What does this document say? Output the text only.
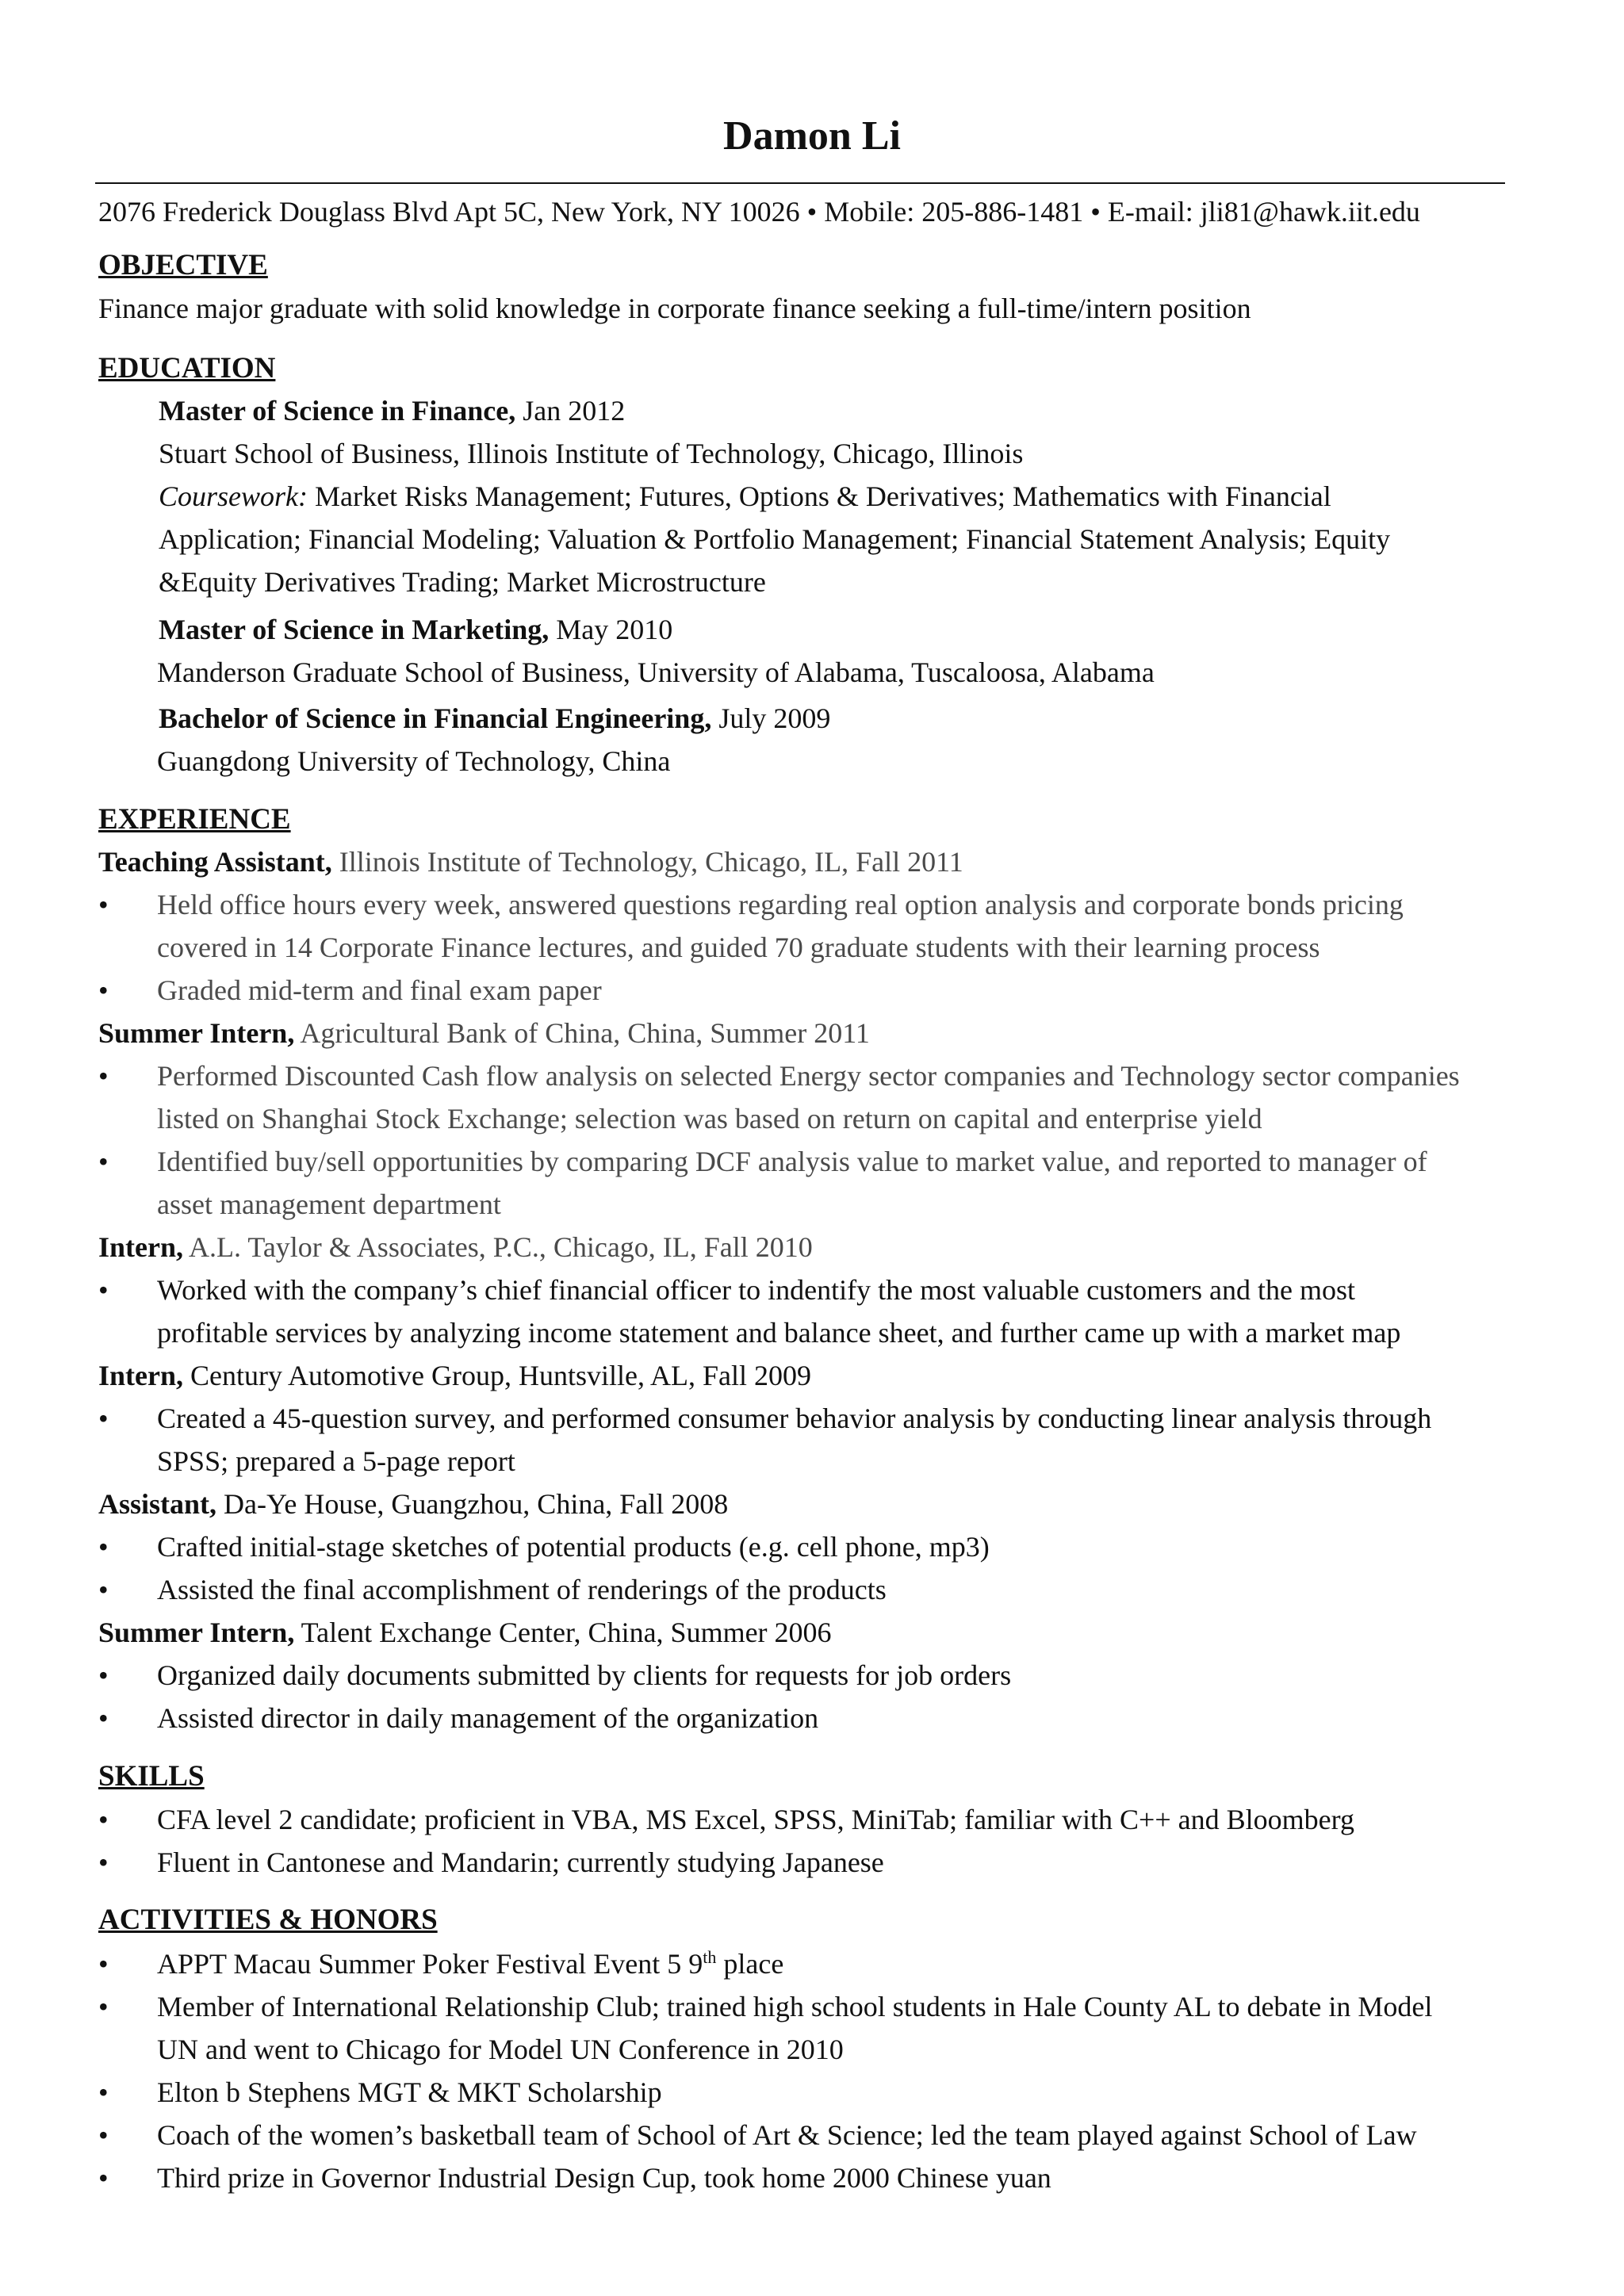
Damon Li

2076 Frederick Douglass Blvd Apt 5C, New York, NY 10026 • Mobile: 205-886-1481 • E-mail: jli81@hawk.iit.edu

OBJECTIVE

Finance major graduate with solid knowledge in corporate finance seeking a full-time/intern position

EDUCATION

Master of Science in Finance, Jan 2012

Stuart School of Business, Illinois Institute of Technology, Chicago, Illinois

Coursework: Market Risks Management; Futures, Options & Derivatives; Mathematics with Financial

Application; Financial Modeling; Valuation & Portfolio Management; Financial Statement Analysis; Equity

&Equity Derivatives Trading; Market Microstructure

Master of Science in Marketing, May 2010

Manderson Graduate School of Business, University of Alabama, Tuscaloosa, Alabama

Bachelor of Science in Financial Engineering, July 2009

Guangdong University of Technology, China

EXPERIENCE

Teaching Assistant, Illinois Institute of Technology, Chicago, IL, Fall 2011

• Held office hours every week, answered questions regarding real option analysis and corporate bonds pricing

covered in 14 Corporate Finance lectures, and guided 70 graduate students with their learning process

• Graded mid-term and final exam paper

Summer Intern, Agricultural Bank of China, China, Summer 2011

• Performed Discounted Cash flow analysis on selected Energy sector companies and Technology sector companies

listed on Shanghai Stock Exchange; selection was based on return on capital and enterprise yield

• Identified buy/sell opportunities by comparing DCF analysis value to market value, and reported to manager of

asset management department

Intern, A.L. Taylor & Associates, P.C., Chicago, IL, Fall 2010

• Worked with the company’s chief financial officer to indentify the most valuable customers and the most

profitable services by analyzing income statement and balance sheet, and further came up with a market map

Intern, Century Automotive Group, Huntsville, AL, Fall 2009

• Created a 45-question survey, and performed consumer behavior analysis by conducting linear analysis through

SPSS; prepared a 5-page report

Assistant, Da-Ye House, Guangzhou, China, Fall 2008

• Crafted initial-stage sketches of potential products (e.g. cell phone, mp3)

• Assisted the final accomplishment of renderings of the products

Summer Intern, Talent Exchange Center, China, Summer 2006

• Organized daily documents submitted by clients for requests for job orders

• Assisted director in daily management of the organization

SKILLS
• CFA level 2 candidate; proficient in VBA, MS Excel, SPSS, MiniTab; familiar with C++ and Bloomberg

• Fluent in Cantonese and Mandarin; currently studying Japanese

ACTIVITIES & HONORS
• APPT Macau Summer Poker Festival Event 5 9th place

• Member of International Relationship Club; trained high school students in Hale County AL to debate in Model

UN and went to Chicago for Model UN Conference in 2010

• Elton b Stephens MGT & MKT Scholarship

• Coach of the women’s basketball team of School of Art & Science; led the team played against School of Law

• Third prize in Governor Industrial Design Cup, took home 2000 Chinese yuan
